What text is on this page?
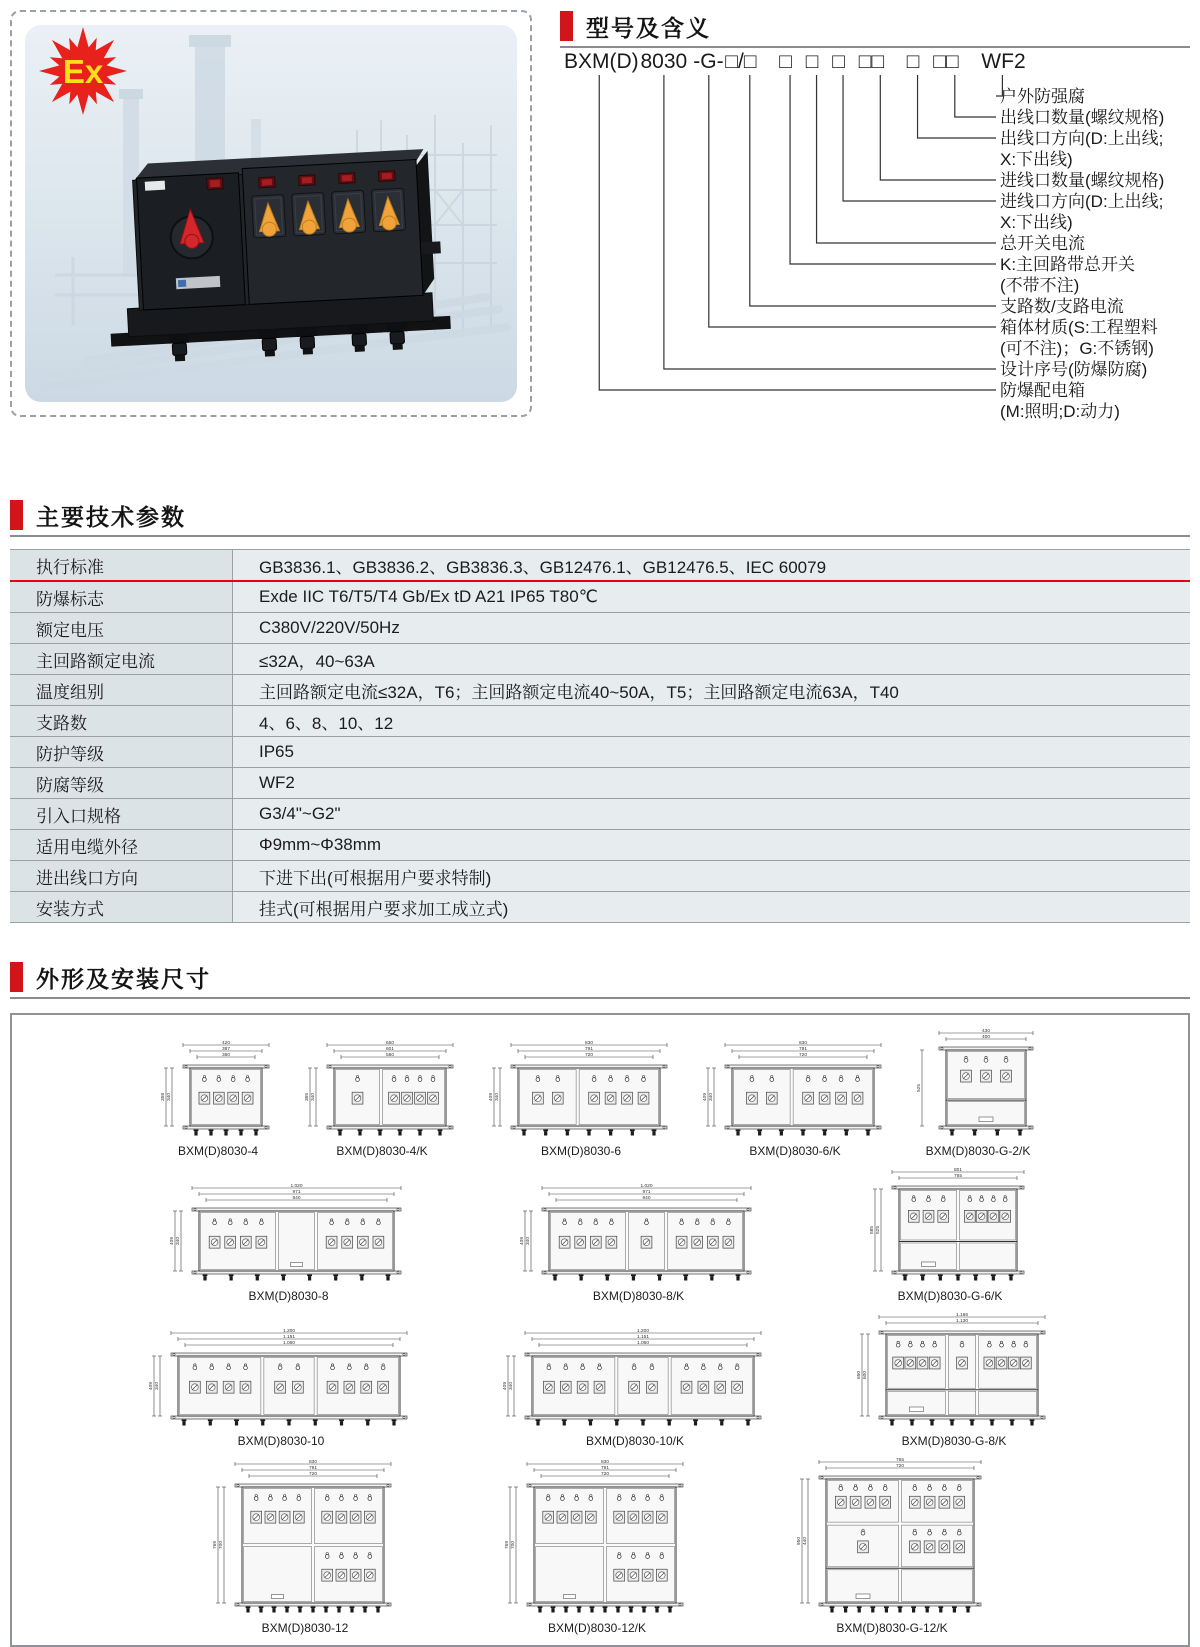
Ex
型号及含义
BXM(D) 8030 -G- □/□ □ □ □ □□ □ □□ WF2
户外防强腐
出线口数量(螺纹规格)
出线口方向(D:上出线;
X:下出线)
进线口数量(螺纹规格)
进线口方向(D:上出线;
X:下出线)
总开关电流
K:主回路带总开关
(不带不注)
支路数/支路电流
箱体材质(S:工程塑料
(可不注)；G:不锈钢)
设计序号(防爆防腐)
防爆配电箱
(M:照明;D:动力)
主要技术参数
执行标准	GB3836.1、GB3836.2、GB3836.3、GB12476.1、GB12476.5、IEC 60079
防爆标志	Exde IIC T6/T5/T4 Gb/Ex tD A21 IP65 T80℃
额定电压	C380V/220V/50Hz
主回路额定电流	≤32A，40~63A
温度组别	主回路额定电流≤32A，T6；主回路额定电流40~50A，T5；主回路额定电流63A，T40
支路数	4、6、8、10、12
防护等级	IP65
防腐等级	WF2
引入口规格	G3/4"~G2"
适用电缆外径	Φ9mm~Φ38mm
进出线口方向	下进下出(可根据用户要求特制)
安装方式	挂式(可根据用户要求加工成立式)
外形及安装尺寸
420
387
360
358 340
BXM(D)8030-4
650
601
580
365 340
BXM(D)8030-4/K
830
791
720
409 340
BXM(D)8030-6
830
791
720
409 340
BXM(D)8030-6/K
430
400
525
BXM(D)8030-G-2/K
1.020
971
940
409 340
BXM(D)8030-8
1.020
971
940
409 340
BXM(D)8030-8/K
801
765
585 525
BXM(D)8030-G-6/K
1.200
1.151
1.060
409 340
BXM(D)8030-10
1.200
1.151
1.060
409 340
BXM(D)8030-10/K
1.166
1.130
650 600
BXM(D)8030-G-8/K
830
791
720
769 700
BXM(D)8030-12
830
791
720
769 700
BXM(D)8030-12/K
765
720
950 440
BXM(D)8030-G-12/K
